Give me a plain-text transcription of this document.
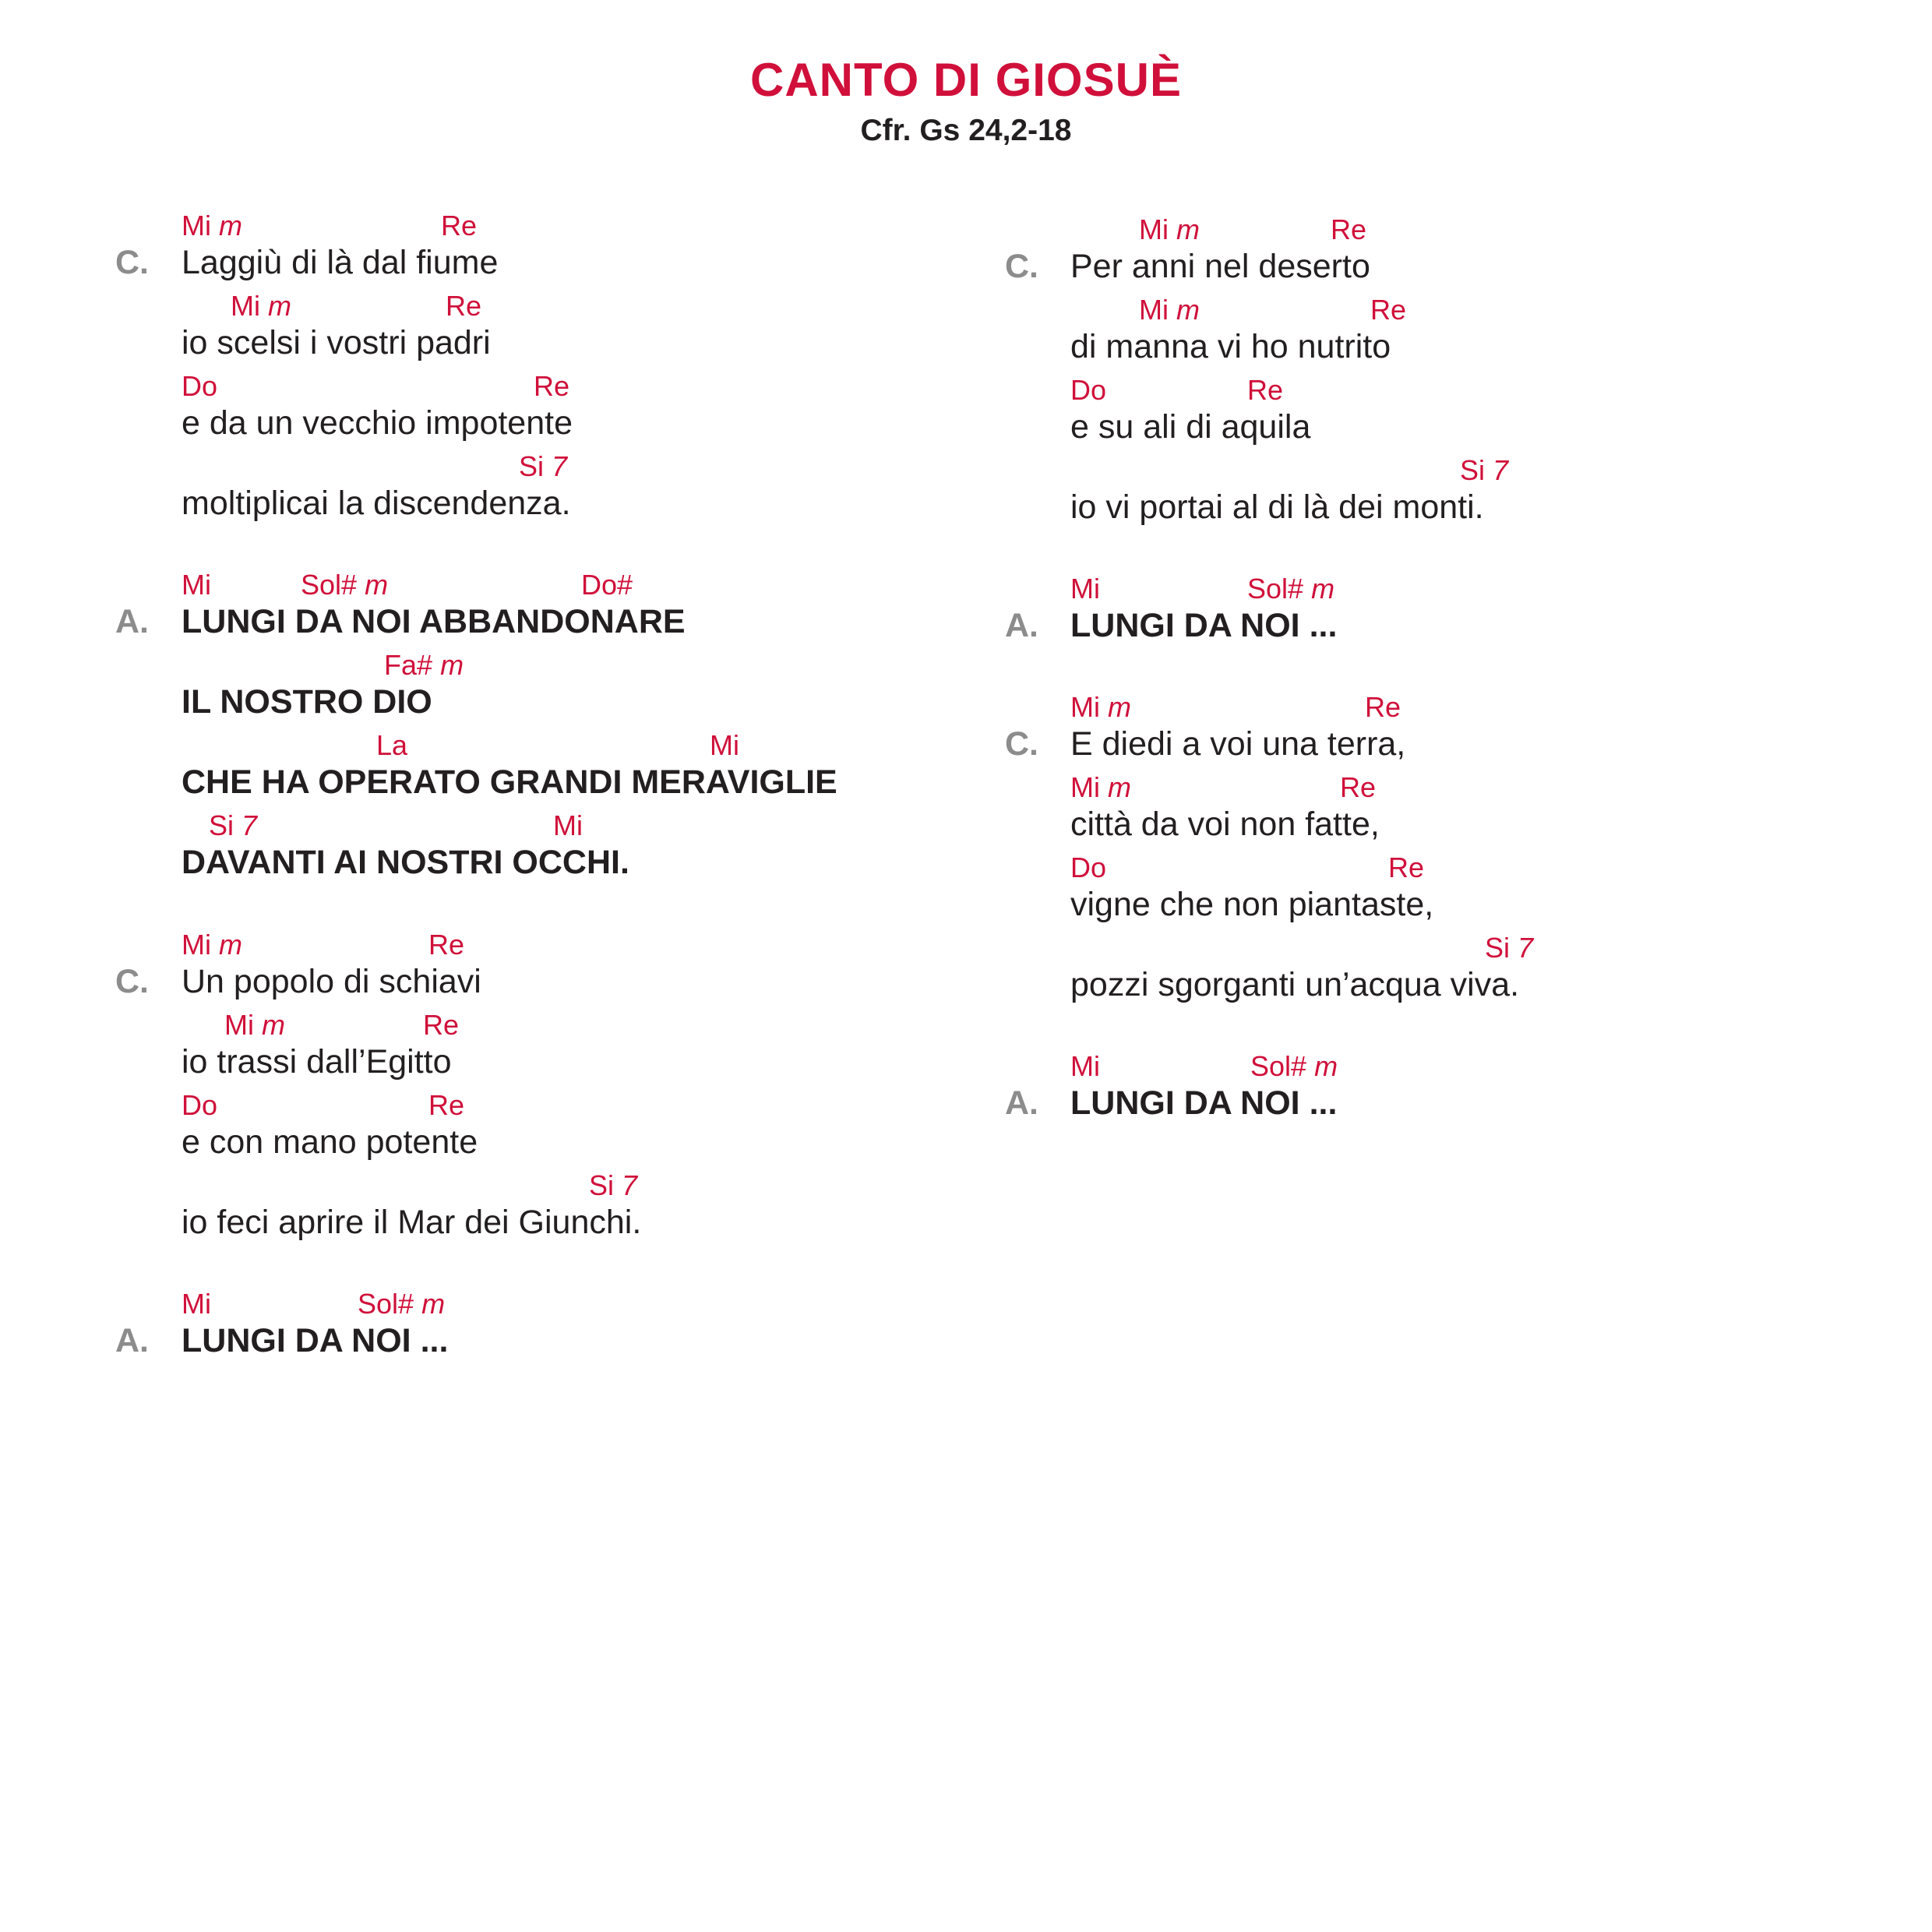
CANTO DI GIOSUÈ
Cfr. Gs 24,2-18
C.
Mi m	Re
Laggiù di là dal fiume
Mi m	Re
io scelsi i vostri padri
Do	Re
e da un vecchio impotente
Si 7
moltiplicai la discendenza.
A.
Mi	Sol# m	Do#
LUNGI DA NOI ABBANDONARE
Fa# m
IL NOSTRO DIO
La	Mi
CHE HA OPERATO GRANDI MERAVIGLIE
Si 7	Mi
DAVANTI AI NOSTRI OCCHI.
C.
Mi m	Re
Un popolo di schiavi
Mi m	Re
io trassi dall’Egitto
Do	Re
e con mano potente
Si 7
io feci aprire il Mar dei Giunchi.
A.
Mi	Sol# m
LUNGI DA NOI ...
C.
Mi m	Re
Per anni nel deserto
Mi m	Re
di manna vi ho nutrito
Do	Re
e su ali di aquila
Si 7
io vi portai al di là dei monti.
A.
Mi	Sol# m
LUNGI DA NOI ...
C.
Mi m	Re
E diedi a voi una terra,
Mi m	Re
città da voi non fatte,
Do	Re
vigne che non piantaste,
Si 7
pozzi sgorganti un’acqua viva.
A.
Mi	Sol# m
LUNGI DA NOI ...
